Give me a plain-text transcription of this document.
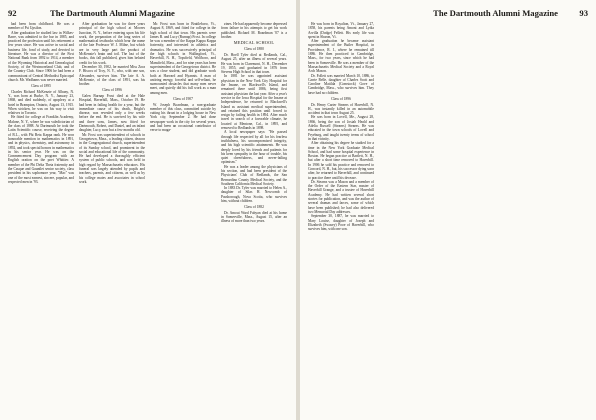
92	The Dartmouth Alumni Magazine

had been from childhood. He was a member of Psi Upsilon.

After graduation he studied law in Wilkes-Barre, was admitted to the bar in 1885, and practiced the profession until his retirement a few years since. He was active in social and business life, fond of study, and devoted to literature. He was a director of the First National Bank from 1892 to 1914, a member of the Wyoming Historical and Genealogical Society, of the Westmoreland Club, and of the Country Club. Since 1906 he had been a communicant of Central Methodist Episcopal church. Mr. Wadhams was never married.

Class of 1895

Charles Richard McKenzie of Albany, N. Y., was born at Burke, N. Y., January 23, 1868, and died suddenly, of apoplexy at a hotel in Brampton, Ontario, August 13, 1915. When stricken, he was on his way to visit relatives in Toronto.

He fitted for college at Franklin Academy, Malone, N. Y., where he was valedictorian of the class of 1888. At Dartmouth he took the Latin Scientific course, receiving the degree of B.L., with Phi Beta Kappa rank. He won honorable mention in mathematics in 1891, and in physics, chemistry, and astronomy in 1892, and took special honors in mathematics in his senior year. He was on the Commencement Day program with an English oration on the poet Whittier. A member of the Phi Delta Theta fraternity and the Casque and Gauntlet senior society, class president in his sophomore year, "Mac" was one of the most earnest, sincere, popular, and respected men in '93.

After graduation he was for three years principal of the high school at Moores Junction, N. Y., before entering upon his life work, the preparation of the long series of mathematical textbooks which bear the name of the late Professor W. J. Milne, but which are in very large part the product of McKenzie's brain and toil. The last of the books, this fall published, gives him belated credit for his work.

December 30, 1902, he married Miss Zora F. Hiscox of Troy, N. Y., who, with one son, Alexander, survives him. The late A. A. McKenzie, of the class of 1891, was his brother.

Class of 1896

Galen Burnap Frost died at the Hale Hospital, Haverhill, Mass., October 19. He had been in failing health for a year, but the immediate cause of his death, Bright's disease, was revealed only a few weeks before the end. He is survived by his wife and three sons, James, now fitted for Dartmouth, Robert, and Daniel, and an infant daughter, Lucy, now but a few months old.

Mr. Frost was superintendent of schools in Georgetown, Mass., a leading citizen, deacon in the Congregational church, superintendent of its Sunday school, and prominent in the social and educational life of the community. He had developed a thoroughly efficient system of public schools, and was held in high regard by Massachusetts educators. His funeral was largely attended by pupils and teachers, parents, and citizens, as well as by his college mates and associates in school work.

Mr. Frost was born in Brattleboro, Vt., August 8, 1869, and fitted for college in the high school of that town. His parents were James B. and Lucy (Burnap) Frost. In college he was a member of the Kappa Kappa Kappa fraternity, and interested in athletics and dramatics. He was successively principal of the high schools in Wallingford, Vt., Haverhill, N. H., Topsfield, Wolfboro, and Mansfield, Mass., and for nine years has been superintendent of the Georgetown district. He was a close student, and did graduate work both at Harvard and Hyannis. A man of untiring energy, forceful and self-reliant, he surmounted obstacles that many men never meet, and quietly did his full work as a man among men.

Class of 1907

W. Joseph Boardman, a non-graduate member of this class, committed suicide by cutting his throat in a lodging house in New York city, September 2. He had done newspaper work in the city for several years, and had been an occasional contributor of verse to maga-

zines. He had apparently become depressed from failure in his attempts to get his work published. Richard M. Boardman '07 is a brother.

MEDICAL SCHOOL

Class of 1880

Dr. Hoell Tyler died at Redlands, Cal., August 25, after an illness of several years. He was born in Claremont, N. H., December 19, 1855, and graduated in 1876 from Stevens High School in that town.

In 1881 he was appointed assistant physician in the New York City Hospital for the Insane, on Blackwell's Island, and remained there until 1886, being first assistant physician the last year. After a year's service in the Iowa Hospital for the Insane at Independence, he returned to Blackwell's Island as assistant medical superintendent, and retained this position until forced to resign by failing health in 1894. After much travel in search of a favorable climate, he located at Mentone, Cal., in 1895, and removed to Redlands in 1898.

A local newspaper says: "He passed through life respected by all for his fearless truthfulness, his uncompromised integrity, and his high scientific attainments. He was deeply loved by his friends and patients for his keen sympathy in the hour of trouble, his quiet cheerfulness, and never-failing optimism."

He was a leader among the physicians of his section, and had been president of the Physicians' Club of Redlands, the San Bernardino County Medical Society, and the Southern California Medical Society.

In 1883 Dr. Tyler was married to Helen A., daughter of Silas H. Newcomb of Passborough, Nova Scotia, who survives him, without children.

Class of 1882

Dr. Amoui Ward Fabyan died at his home in Somerville, Mass., August 15, after an illness of more than two years.

The Dartmouth Alumni Magazine 93

He was born in Royalton, Vt., January 27, 1858, his parents being Amoni and Lydia Arvilla (Dodge) Fellett. His early life was spent in Sharon, Vt.

After graduation he became assistant superintendent of the Butler Hospital, in Providence, R. I., where he remained till 1886. He then practiced in Cambridge, Mass., for two years, since which he had been in Somerville. He was a member of the Massachusetts Medical Society and a Royal Arch Mason.

Dr. Follett was married March 10, 1886, to Carrie Belle, daughter of Charles Scott and Caroline Matilda (Comstock) Gove of Cambridge, Mass., who survives him. They have had no children.

Class of 1896

Dr. Henry Carter Stearns of Haverhill, N. H., was instantly killed in an automobile accident in that town August 25.

He was born in Lovell, Me., August 28, 1866, being the son of Josiah Heald and Adelia Russell (Stearns) Stearns. He was educated in the town schools of Lovell and Fryeburg, and taught twenty terms of school in that vicinity.

After obtaining his degree he studied for a time in the New York Graduate Medical School, and had some hospital experience in Boston. He began practice at Bartlett, N. H., but after a short time removed to Haverhill. In 1906 he sold his practice and removed to Concord, N. H., but, his successor dying soon after, he returned to Haverhill, and continued to practice there until his decease.

Dr. Stearns was a Mason and a member of the Order of the Eastern Star, master of Haverhill Grange, and a trustee of Haverhill Academy. He had written several short stories for publication, and was the author of several dramas and farces, some of which have been published; he had also delivered two Memorial Day addresses.

September 30, 1887, he was married to Mary Louise, daughter of Joseph and Elizabeth (Swasey) Pooe of Haverhill, who survives him, with one son.
